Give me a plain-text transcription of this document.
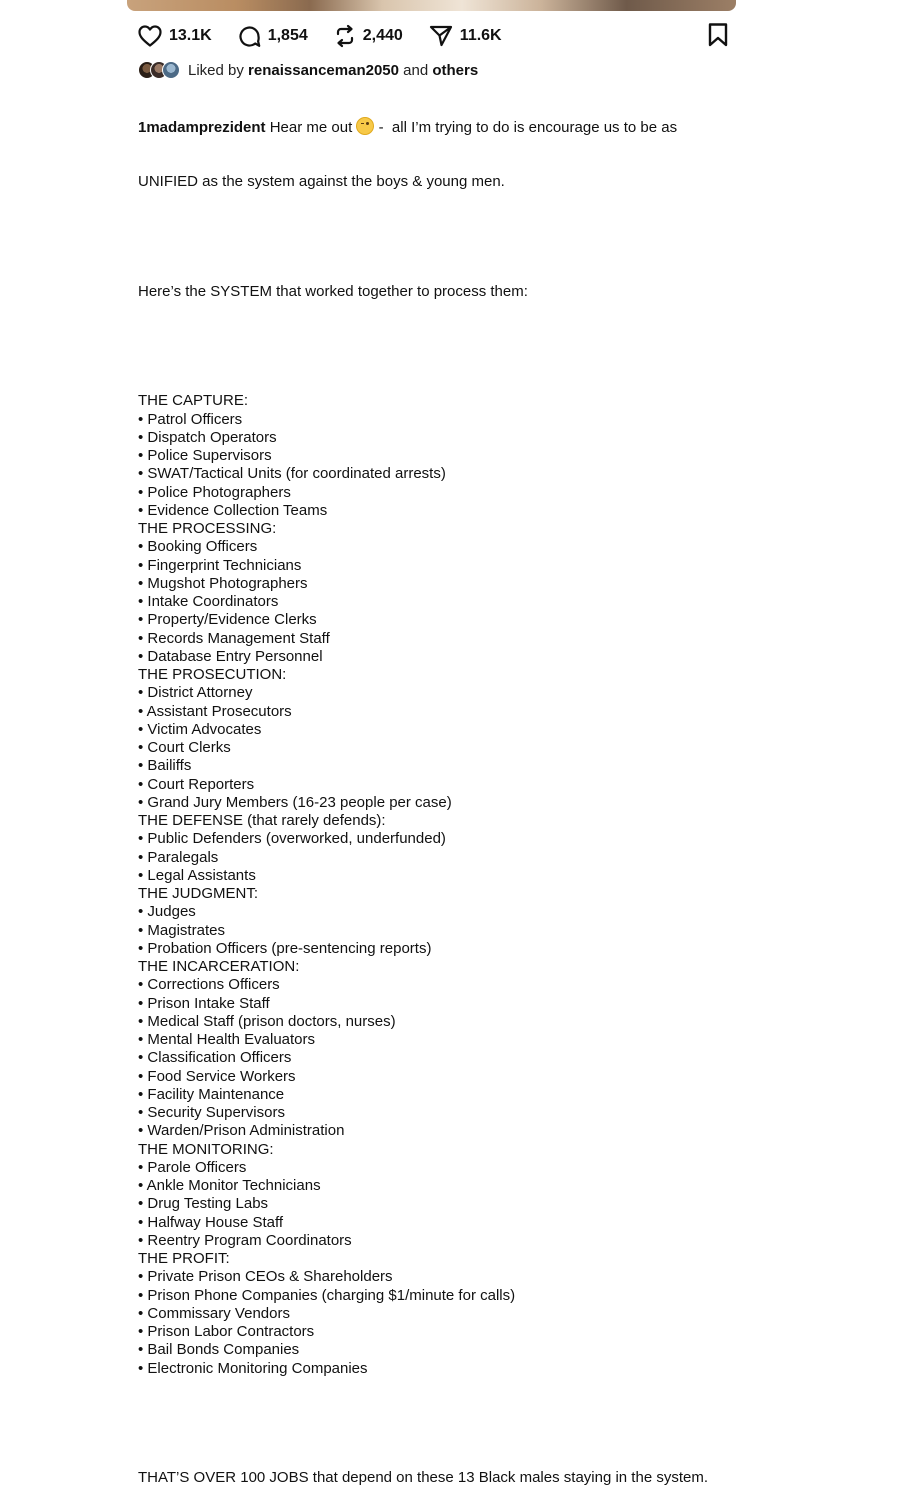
13.1K	1,854	2,440	11.6K
Liked by
renaissanceman2050
and
others

1madamprezident Hear me out  -  all I’m trying to do is encourage us to be as

UNIFIED as the system against the boys & young men.

Here’s the SYSTEM that worked together to process them:

THE CAPTURE:
• Patrol Officers
• Dispatch Operators
• Police Supervisors
• SWAT/Tactical Units (for coordinated arrests)
• Police Photographers
• Evidence Collection Teams
THE PROCESSING:
• Booking Officers
• Fingerprint Technicians
• Mugshot Photographers
• Intake Coordinators
• Property/Evidence Clerks
• Records Management Staff
• Database Entry Personnel
THE PROSECUTION:
• District Attorney
• Assistant Prosecutors
• Victim Advocates
• Court Clerks
• Bailiffs
• Court Reporters
• Grand Jury Members (16-23 people per case)
THE DEFENSE (that rarely defends):
• Public Defenders (overworked, underfunded)
• Paralegals
• Legal Assistants
THE JUDGMENT:
• Judges
• Magistrates
• Probation Officers (pre-sentencing reports)
THE INCARCERATION:
• Corrections Officers
• Prison Intake Staff
• Medical Staff (prison doctors, nurses)
• Mental Health Evaluators
• Classification Officers
• Food Service Workers
• Facility Maintenance
• Security Supervisors
• Warden/Prison Administration
THE MONITORING:
• Parole Officers
• Ankle Monitor Technicians
• Drug Testing Labs
• Halfway House Staff
• Reentry Program Coordinators
THE PROFIT:
• Private Prison CEOs & Shareholders
• Prison Phone Companies (charging $1/minute for calls)
• Commissary Vendors
• Prison Labor Contractors
• Bail Bonds Companies
• Electronic Monitoring Companies

THAT’S OVER 100 JOBS that depend on these 13 Black males staying in the system.
